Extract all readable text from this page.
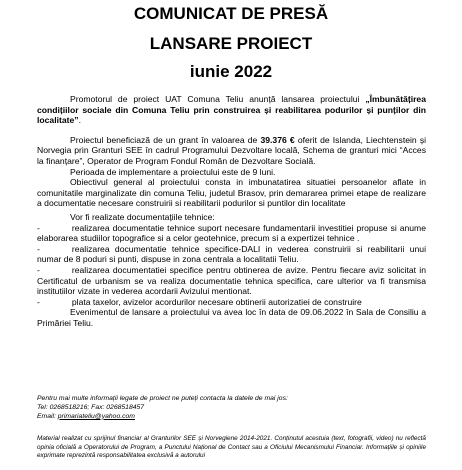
COMUNICAT DE PRESĂ
LANSARE PROIECT
iunie 2022

Promotorul de proiect UAT Comuna Teliu anunță lansarea proiectului „Îmbunătățirea condițiilor sociale din Comuna Teliu prin construirea și reabilitarea podurilor și punților din localitate”.

Proiectul beneficiază de un grant în valoarea de 39.376 € oferit de Islanda, Liechtenstein și Norvegia prin Granturi SEE în cadrul Programului Dezvoltare locală, Schema de granturi mici “Acces la finanțare”, Operator de Program Fondul Român de Dezvoltare Socială.

Perioada de implementare a proiectului este de 9 luni.

Obiectivul general al proiectului consta in imbunatatirea situatiei persoanelor aflate in comunitatile marginalizate din comuna Teliu, judetul Brasov, prin demararea primei etape de realizare a documentatie necesare construirii si reabilitarii podurilor si puntilor din localitate

Vor fi realizate documentațiile tehnice:

-	realizarea documentatie tehnice suport necesare fundamentarii investitiei propuse si anume elaborarea studiilor topografice si a celor geotehnice, precum si a expertizei tehnice .

-	realizarea documentatie tehnice specifice-DALI in vederea construirii si reabilitarii unui numar de 8 poduri si punti, dispuse in zona centrala a localitatii Teliu.

-	realizarea documentatiei specifice pentru obtinerea de avize. Pentru fiecare aviz solicitat in Certificatul de urbanism se va realiza documentatie tehnica specifica, care ulterior va fi transmisa institutiilor vizate in vederea acordarii Avizului mentionat.

-	plata taxelor, avizelor acordurilor necesare obtinerii autorizatiei de construire

Evenimentul de lansare a proiectului va avea loc în data de 09.06.2022 în Sala de Consiliu a Primăriei Teliu.

Pentru mai multe informații legate de proiect ne puteți contacta la datele de mai jos:

Tel: 0268518216; Fax: 0268518457

Email: primariateliu@yahoo.com

Material realizat cu sprijinul financiar al Granturilor SEE și Norvegiene 2014-2021. Conținutul acestuia (text, fotografii, video) nu reflectă opinia oficială a Operatorului de Program, a Punctului Național de Contact sau a Oficiului Mecanismului Financiar. Informațiile și opiniile exprimate reprezintă responsabilitatea exclusivă a autorului
